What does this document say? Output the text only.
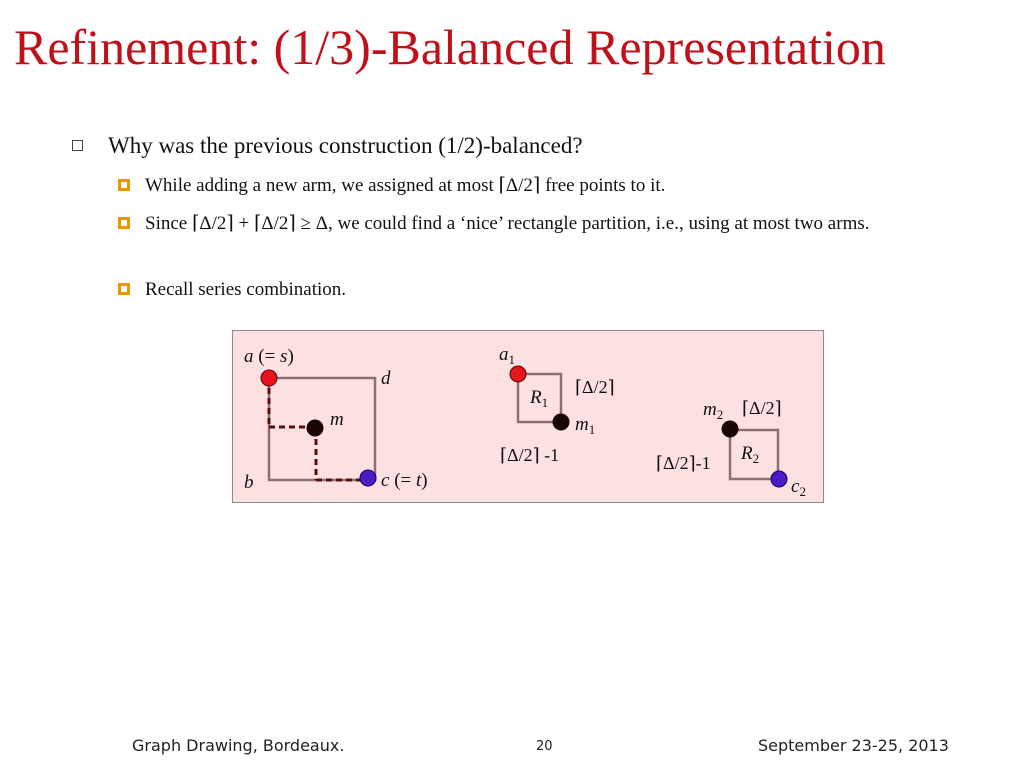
Refinement: (1/3)-Balanced Representation
Why was the previous construction (1/2)-balanced?
While adding a new arm, we assigned at most ⌈Δ/2⌉ free points to it.
Since ⌈Δ/2⌉ + ⌈Δ/2⌉ ≥ Δ, we could find a ‘nice’ rectangle partition, i.e., using at most two arms.
Recall series combination.
a (= s)
d
m
b	c (= t)
$a_1$
$R_1$
$m_1$
⌈Δ/2⌉
⌈Δ/2⌉ -1
$m_2$ ⌈Δ/2⌉
$R_2$
⌈Δ/2⌉-1
$c_2$
Graph Drawing, Bordeaux.	20	September 23-25, 2013
